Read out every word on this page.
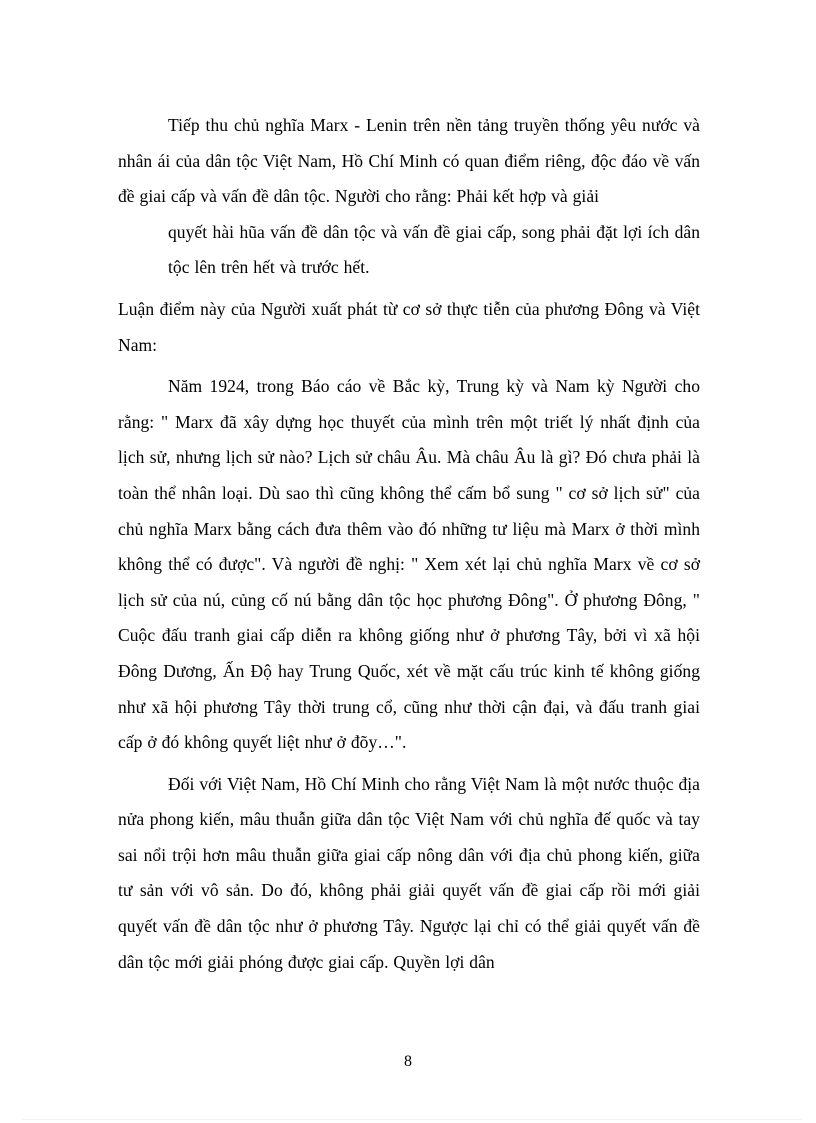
Tiếp thu chủ nghĩa Marx - Lenin trên nền tảng truyền thống yêu nước và nhân ái của dân tộc Việt Nam, Hồ Chí Minh có quan điểm riêng, độc đáo về vấn đề giai cấp và vấn đề dân tộc. Người cho rằng: Phải kết hợp và giải

quyết hài hũa vấn đề dân tộc và vấn đề giai cấp, song phải đặt lợi ích dân tộc lên trên hết và trước hết.

Luận điểm này của Người xuất phát từ cơ sở thực tiễn của phương Đông và Việt Nam:

Năm 1924, trong Báo cáo về Bắc kỳ, Trung kỳ và Nam kỳ Người cho rằng: " Marx đã xây dựng học thuyết của mình trên một triết lý nhất định của lịch sử, nhưng lịch sử nào? Lịch sử châu Âu. Mà châu Âu là gì? Đó chưa phải là toàn thể nhân loại. Dù sao thì cũng không thể cấm bổ sung " cơ sở lịch sử" của chủ nghĩa Marx bằng cách đưa thêm vào đó những tư liệu mà Marx ở thời mình không thể có được". Và người đề nghị: " Xem xét lại chủ nghĩa Marx về cơ sở lịch sử của nú, củng cố nú bằng dân tộc học phương Đông". Ở phương Đông, " Cuộc đấu tranh giai cấp diễn ra không giống như ở phương Tây, bởi vì xã hội Đông Dương, Ấn Độ hay Trung Quốc, xét về mặt cấu trúc kinh tế không giống như xã hội phương Tây thời trung cổ, cũng như thời cận đại, và đấu tranh giai cấp ở đó không quyết liệt như ở đõy…".

Đối với Việt Nam, Hồ Chí Minh cho rằng Việt Nam là một nước thuộc địa nửa phong kiến, mâu thuẫn giữa dân tộc Việt Nam với chủ nghĩa đế quốc và tay sai nổi trội hơn mâu thuẫn giữa giai cấp nông dân với địa chủ phong kiến, giữa tư sản với vô sản. Do đó, không phải giải quyết vấn đề giai cấp rồi mới giải quyết vấn đề dân tộc như ở phương Tây. Ngược lại chỉ có thể giải quyết vấn đề dân tộc mới giải phóng được giai cấp. Quyền lợi dân

8
